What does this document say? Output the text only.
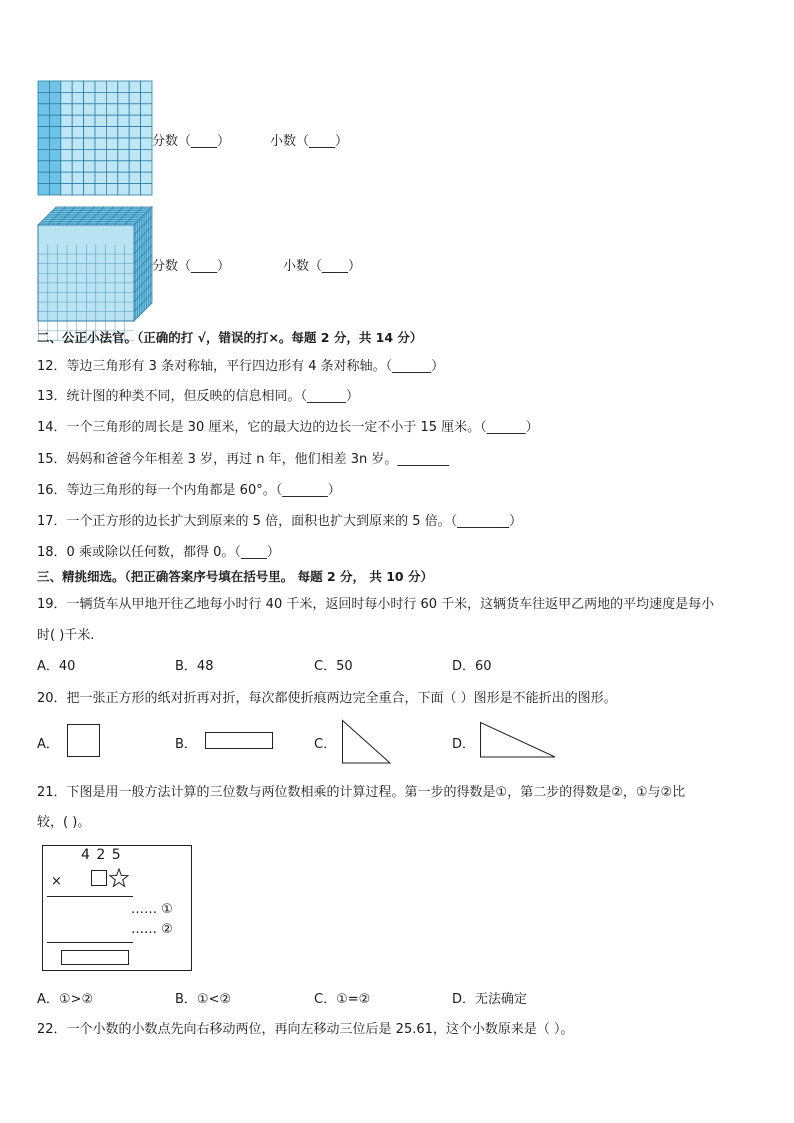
分数（____）	小数（____）
分数（____）	小数（____）
二、公正小法官。（正确的打 √，错误的打×。每题 2 分，共 14 分）
12．等边三角形有 3 条对称轴，平行四边形有 4 条对称轴。（______）
13．统计图的种类不同，但反映的信息相同。（______）
14．一个三角形的周长是 30 厘米，它的最大边的边长一定不小于 15 厘米。（______）
15．妈妈和爸爸今年相差 3 岁，再过 n 年，他们相差 3n 岁。________
16．等边三角形的每一个内角都是 60°。（_______）
17．一个正方形的边长扩大到原来的 5 倍，面积也扩大到原来的 5 倍。（________）
18．0 乘或除以任何数，都得 0。（____）
三、精挑细选。（把正确答案序号填在括号里。 每题 2 分， 共 10 分）
19．一辆货车从甲地开往乙地每小时行 40 千米，返回时每小时行 60 千米，这辆货车往返甲乙两地的平均速度是每小
时( )千米.
A．40	B．48	C．50	D．60
20．把一张正方形的纸对折再对折，每次都使折痕两边完全重合，下面（ ）图形是不能折出的图形。
A．	B．	C．	D．
21．下图是用一般方法计算的三位数与两位数相乘的计算过程。第一步的得数是①，第二步的得数是②，①与②比
较，( )。
4 2 5
×
…… ①
…… ②
A．①>②	B．①<②	C．①=②	D．无法确定
22．一个小数的小数点先向右移动两位，再向左移动三位后是 25.61，这个小数原来是（ ）。
